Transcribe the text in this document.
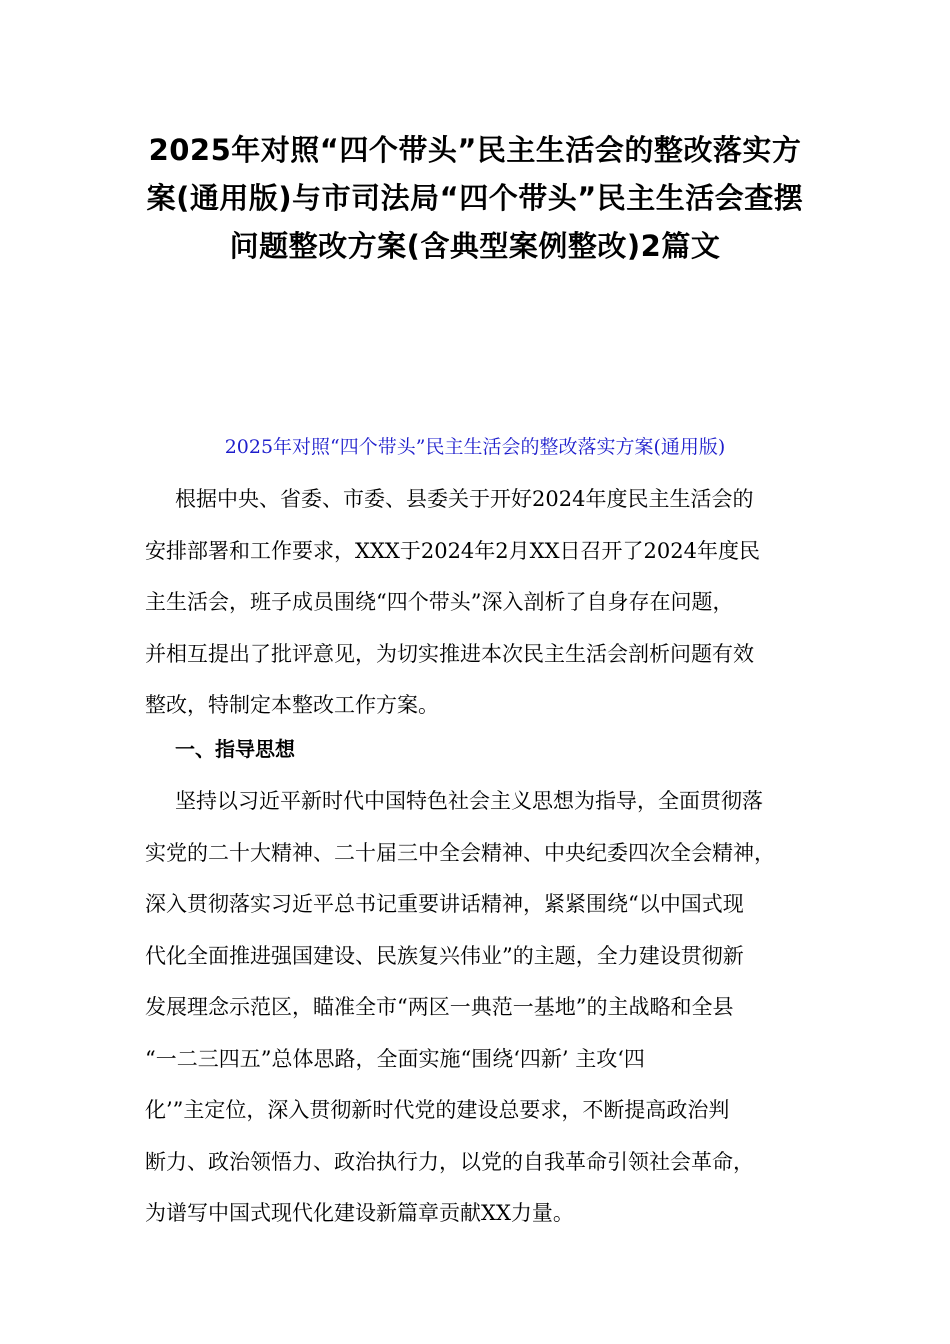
2025年对照“四个带头”民主生活会的整改落实方
案(通用版)与市司法局“四个带头”民主生活会查摆
问题整改方案(含典型案例整改)2篇文
2025年对照“四个带头”民主生活会的整改落实方案(通用版)
根据中央、省委、市委、县委关于开好2024年度民主生活会的
安排部署和工作要求，XXX于2024年2月XX日召开了2024年度民
主生活会，班子成员围绕“四个带头”深入剖析了自身存在问题，
并相互提出了批评意见，为切实推进本次民主生活会剖析问题有效
整改，特制定本整改工作方案。
一、指导思想
坚持以习近平新时代中国特色社会主义思想为指导，全面贯彻落
实党的二十大精神、二十届三中全会精神、中央纪委四次全会精神，
深入贯彻落实习近平总书记重要讲话精神，紧紧围绕“以中国式现
代化全面推进强国建设、民族复兴伟业”的主题，全力建设贯彻新
发展理念示范区，瞄准全市“两区一典范一基地”的主战略和全县
“一二三四五”总体思路，全面实施“围绕‘四新’ 主攻‘四
化’”主定位，深入贯彻新时代党的建设总要求，不断提高政治判
断力、政治领悟力、政治执行力，以党的自我革命引领社会革命，
为谱写中国式现代化建设新篇章贡献XX力量。
